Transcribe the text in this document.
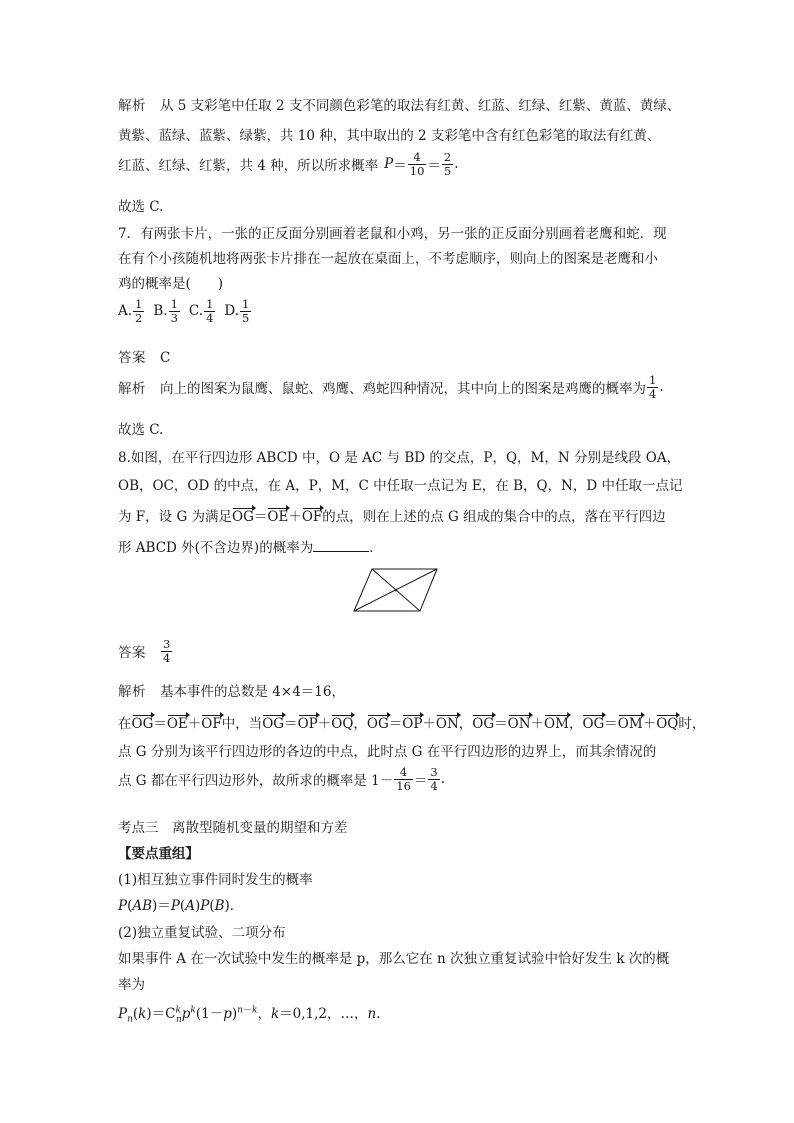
解析 从 5 支彩笔中任取 2 支不同颜色彩笔的取法有红黄、红蓝、红绿、红紫、黄蓝、黄绿、
黄紫、蓝绿、蓝紫、绿紫，共 10 种，其中取出的 2 支彩笔中含有红色彩笔的取法有红黄、
红蓝、红绿、红紫，共 4 种，所以所求概率 $P = \frac{4}{10} = \frac{2}{5}$ .
故选 C.
7．有两张卡片，一张的正反面分别画着老鼠和小鸡，另一张的正反面分别画着老鹰和蛇．现
在有个小孩随机地将两张卡片排在一起放在桌面上，不考虑顺序，则向上的图案是老鹰和小
鸡的概率是(　　)
A. $\frac{1}{2} B$. $\frac{1}{3} C$. $\frac{1}{4} D$. $\frac{1}{5}$
答案 C
解析 向上的图案为鼠鹰、鼠蛇、鸡鹰、鸡蛇四种情况，其中向上的图案是鸡鹰的概率为 $\frac{1}{4}$ .
故选 C.
8.如图，在平行四边形 ABCD 中，O 是 AC 与 BD 的交点，P，Q，M，N 分别是线段 OA，
OB，OC，OD 的中点，在 A，P，M，C 中任取一点记为 E，在 B，Q，N，D 中任取一点记
为 F，设 G 为满足OG＝OE＋OF的点，则在上述的点 G 组成的集合中的点，落在平行四边
形 ABCD 外(不含边界)的概率为	．
答案 $\frac{3}{4}$
解析 基本事件的总数是 4×4＝16，
在OG＝OE＋OF中，当OG＝OP＋OQ，OG＝OP＋ON，OG＝ON＋OM，OG＝OM＋OQ时，
点 G 分别为该平行四边形的各边的中点，此时点 G 在平行四边形的边界上，而其余情况的
点 G 都在平行四边形外，故所求的概率是 $1- \frac{4}{16} = \frac{3}{4}$ .
考点三　离散型随机变量的期望和方差
【要点重组】
(1)相互独立事件同时发生的概率
P(AB)＝P(A)P(B)．
(2)独立重复试验、二项分布
如果事件 A 在一次试验中发生的概率是 p，那么它在 n 次独立重复试验中恰好发生 k 次的概
率为
$P_n(k)=C^k_np^k(1-p)^{n-k}$，k＝0,1,2，…，n.
